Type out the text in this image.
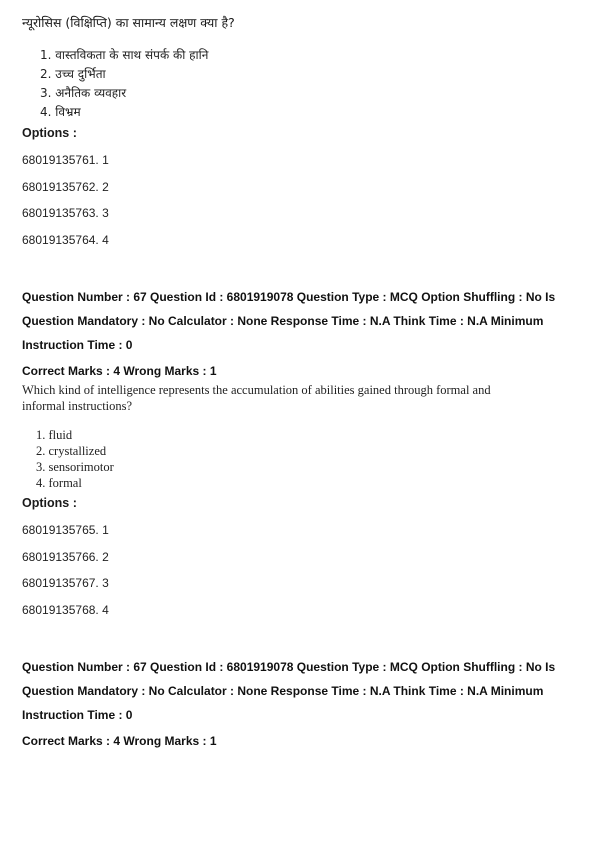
न्यूरोसिस (विक्षिप्ति) का सामान्य लक्षण क्या है?
1. वास्तविकता के साथ संपर्क की हानि
2. उच्च दुर्भिता
3. अनैतिक व्यवहार
4. विभ्रम
Options :
68019135761. 1
68019135762. 2
68019135763. 3
68019135764. 4
Question Number : 67 Question Id : 6801919078 Question Type : MCQ Option Shuffling : No Is
Question Mandatory : No Calculator : None Response Time : N.A Think Time : N.A Minimum
Instruction Time : 0
Correct Marks : 4 Wrong Marks : 1
Which kind of intelligence represents the accumulation of abilities gained through formal and
informal instructions?
1. fluid
2. crystallized
3. sensorimotor
4. formal
Options :
68019135765. 1
68019135766. 2
68019135767. 3
68019135768. 4
Question Number : 67 Question Id : 6801919078 Question Type : MCQ Option Shuffling : No Is
Question Mandatory : No Calculator : None Response Time : N.A Think Time : N.A Minimum
Instruction Time : 0
Correct Marks : 4 Wrong Marks : 1
